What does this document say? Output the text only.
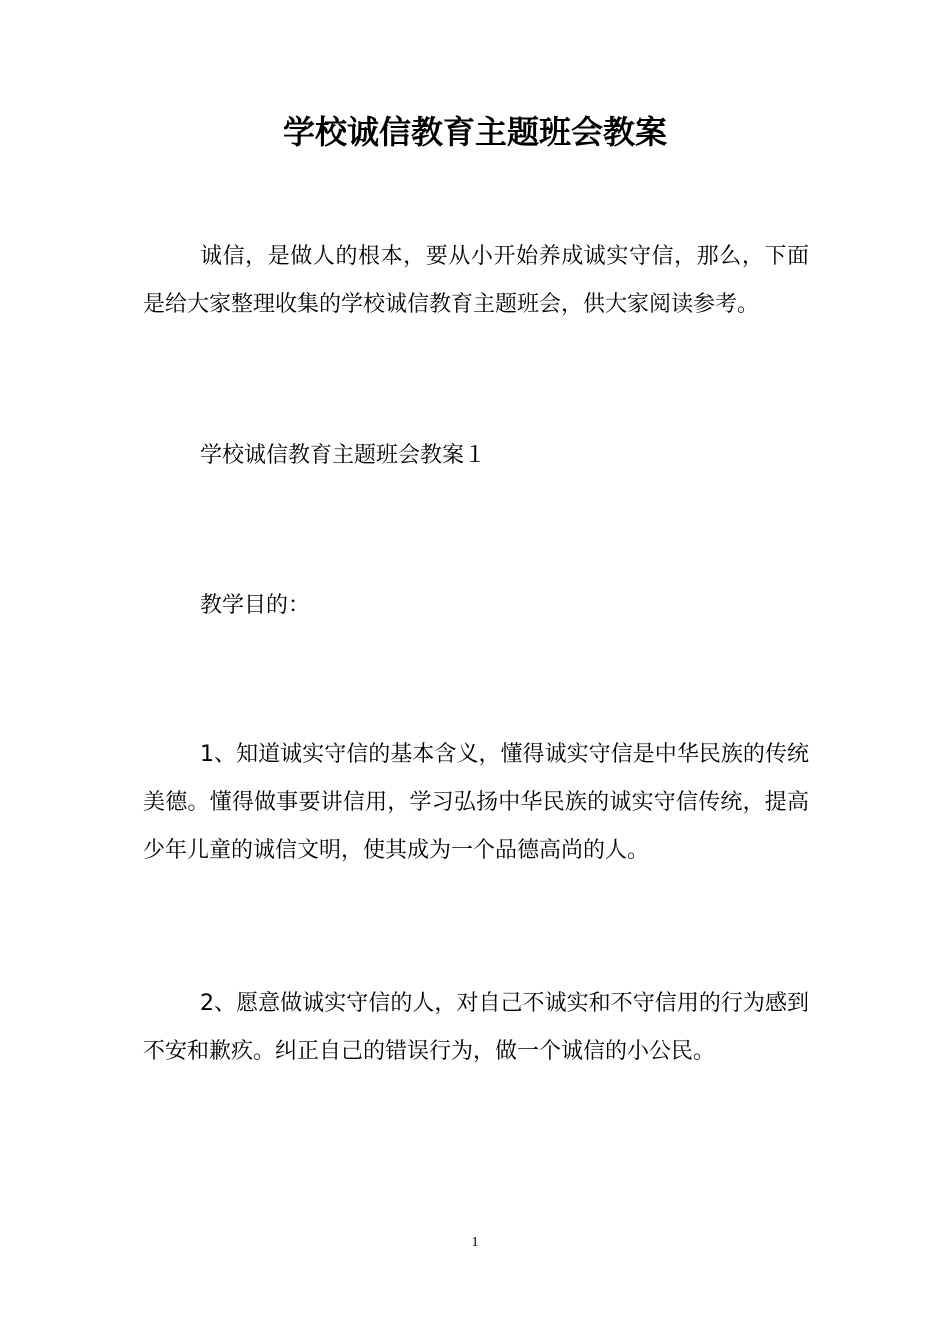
学校诚信教育主题班会教案

诚信，是做人的根本，要从小开始养成诚实守信，那么，下面是给大家整理收集的学校诚信教育主题班会，供大家阅读参考。

学校诚信教育主题班会教案１

教学目的：

1、知道诚实守信的基本含义，懂得诚实守信是中华民族的传统美德。懂得做事要讲信用，学习弘扬中华民族的诚实守信传统，提高少年儿童的诚信文明，使其成为一个品德高尚的人。

2、愿意做诚实守信的人，对自己不诚实和不守信用的行为感到不安和歉疚。纠正自己的错误行为，做一个诚信的小公民。

1
